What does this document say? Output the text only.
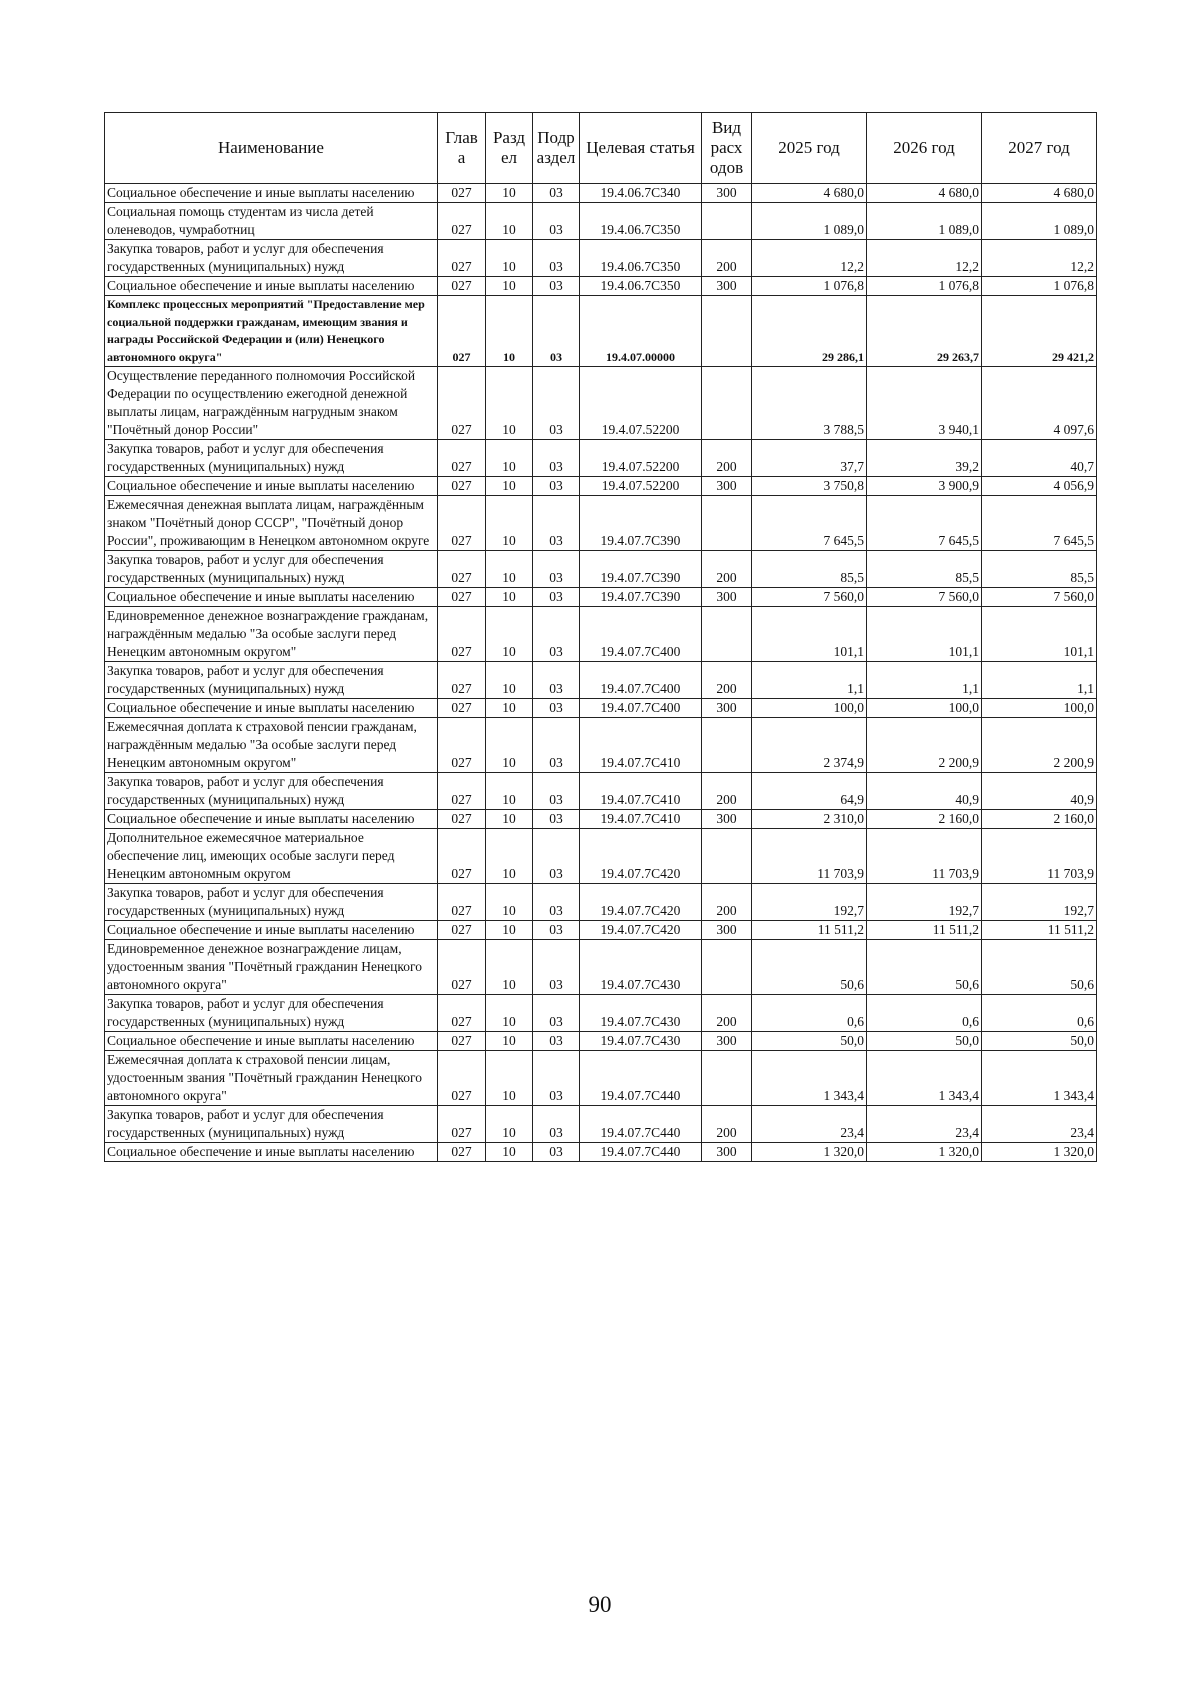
Наименование	Глав а	Разд ел	Подр аздел	Целевая статья	Вид расх одов	2025 год	2026 год	2027 год
Социальное обеспечение и иные выплаты населению	027	10	03	19.4.06.7С340	300	4 680,0	4 680,0	4 680,0
Социальная помощь студентам из числа детей оленеводов, чумработниц	027	10	03	19.4.06.7С350		1 089,0	1 089,0	1 089,0
Закупка товаров, работ и услуг для обеспечения государственных (муниципальных) нужд	027	10	03	19.4.06.7С350	200	12,2	12,2	12,2
Социальное обеспечение и иные выплаты населению	027	10	03	19.4.06.7С350	300	1 076,8	1 076,8	1 076,8
Комплекс процессных мероприятий "Предоставление мер социальной поддержки гражданам, имеющим звания и награды Российской Федерации и (или) Ненецкого автономного округа"	027	10	03	19.4.07.00000		29 286,1	29 263,7	29 421,2
Осуществление переданного полномочия Российской Федерации по осуществлению ежегодной денежной выплаты лицам, награждённым нагрудным знаком "Почётный донор России"	027	10	03	19.4.07.52200		3 788,5	3 940,1	4 097,6
Закупка товаров, работ и услуг для обеспечения государственных (муниципальных) нужд	027	10	03	19.4.07.52200	200	37,7	39,2	40,7
Социальное обеспечение и иные выплаты населению	027	10	03	19.4.07.52200	300	3 750,8	3 900,9	4 056,9
Ежемесячная денежная выплата лицам, награждённым знаком "Почётный донор СССР", "Почётный донор России", проживающим в Ненецком автономном округе	027	10	03	19.4.07.7С390		7 645,5	7 645,5	7 645,5
Закупка товаров, работ и услуг для обеспечения государственных (муниципальных) нужд	027	10	03	19.4.07.7С390	200	85,5	85,5	85,5
Социальное обеспечение и иные выплаты населению	027	10	03	19.4.07.7С390	300	7 560,0	7 560,0	7 560,0
Единовременное денежное вознаграждение гражданам, награждённым медалью "За особые заслуги перед Ненецким автономным округом"	027	10	03	19.4.07.7С400		101,1	101,1	101,1
Закупка товаров, работ и услуг для обеспечения государственных (муниципальных) нужд	027	10	03	19.4.07.7С400	200	1,1	1,1	1,1
Социальное обеспечение и иные выплаты населению	027	10	03	19.4.07.7С400	300	100,0	100,0	100,0
Ежемесячная доплата к страховой пенсии гражданам, награждённым медалью "За особые заслуги перед Ненецким автономным округом"	027	10	03	19.4.07.7С410		2 374,9	2 200,9	2 200,9
Закупка товаров, работ и услуг для обеспечения государственных (муниципальных) нужд	027	10	03	19.4.07.7С410	200	64,9	40,9	40,9
Социальное обеспечение и иные выплаты населению	027	10	03	19.4.07.7С410	300	2 310,0	2 160,0	2 160,0
Дополнительное ежемесячное материальное обеспечение лиц, имеющих особые заслуги перед Ненецким автономным округом	027	10	03	19.4.07.7С420		11 703,9	11 703,9	11 703,9
Закупка товаров, работ и услуг для обеспечения государственных (муниципальных) нужд	027	10	03	19.4.07.7С420	200	192,7	192,7	192,7
Социальное обеспечение и иные выплаты населению	027	10	03	19.4.07.7С420	300	11 511,2	11 511,2	11 511,2
Единовременное денежное вознаграждение лицам, удостоенным звания "Почётный гражданин Ненецкого автономного округа"	027	10	03	19.4.07.7С430		50,6	50,6	50,6
Закупка товаров, работ и услуг для обеспечения государственных (муниципальных) нужд	027	10	03	19.4.07.7С430	200	0,6	0,6	0,6
Социальное обеспечение и иные выплаты населению	027	10	03	19.4.07.7С430	300	50,0	50,0	50,0
Ежемесячная доплата к страховой пенсии лицам, удостоенным звания "Почётный гражданин Ненецкого автономного округа"	027	10	03	19.4.07.7С440		1 343,4	1 343,4	1 343,4
Закупка товаров, работ и услуг для обеспечения государственных (муниципальных) нужд	027	10	03	19.4.07.7С440	200	23,4	23,4	23,4
Социальное обеспечение и иные выплаты населению	027	10	03	19.4.07.7С440	300	1 320,0	1 320,0	1 320,0
90
